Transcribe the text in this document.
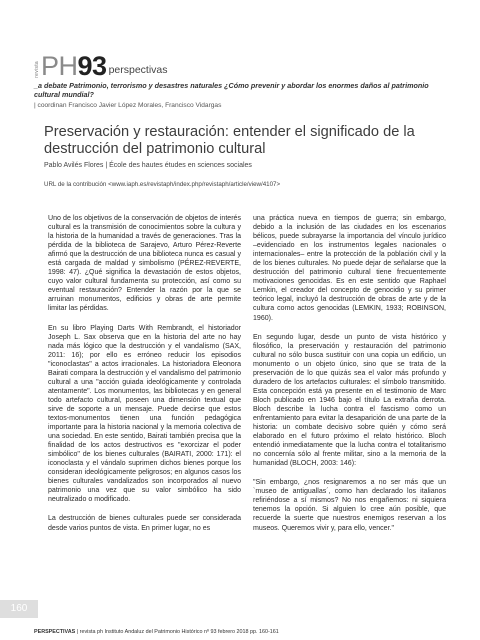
revista PH 93 perspectivas
_a debate Patrimonio, terrorismo y desastres naturales ¿Cómo prevenir y abordar los enormes daños al patrimonio cultural mundial?
| coordinan Francisco Javier López Morales, Francisco Vidargas
Preservación y restauración: entender el significado de la destrucción del patrimonio cultural
Pablo Avilés Flores | École des hautes études en sciences sociales
URL de la contribución <www.iaph.es/revistaph/index.php/revistaph/article/view/4107>

Uno de los objetivos de la conservación de objetos de interés cultural es la transmisión de conocimientos sobre la cultura y la historia de la humanidad a través de generaciones. Tras la pérdida de la biblioteca de Sarajevo, Arturo Pérez-Reverte afirmó que la destrucción de una biblioteca nunca es casual y está cargada de maldad y simbolismo (PÉREZ-REVERTE, 1998: 47). ¿Qué significa la devastación de estos objetos, cuyo valor cultural fundamenta su protección, así como su eventual restauración? Entender la razón por la que se arruinan monumentos, edificios y obras de arte permite limitar las pérdidas.

En su libro Playing Darts With Rembrandt, el historiador Joseph L. Sax observa que en la historia del arte no hay nada más lógico que la destrucción y el vandalismo (SAX, 2011: 16); por ello es erróneo reducir los episodios "iconoclastas" a actos irracionales. La historiadora Eleonora Bairati compara la destrucción y el vandalismo del patrimonio cultural a una "acción guiada ideológicamente y controlada atentamente". Los monumentos, las bibliotecas y en general todo artefacto cultural, poseen una dimensión textual que sirve de soporte a un mensaje. Puede decirse que estos textos-monumentos tienen una función pedagógica importante para la historia nacional y la memoria colectiva de una sociedad. En este sentido, Bairati también precisa que la finalidad de los actos destructivos es "exorcizar el poder simbólico" de los bienes culturales (BAIRATI, 2000: 171): el iconoclasta y el vándalo suprimen dichos bienes porque los consideran ideológicamente peligrosos; en algunos casos los bienes culturales vandalizados son incorporados al nuevo patrimonio una vez que su valor simbólico ha sido neutralizado o modificado.

La destrucción de bienes culturales puede ser considerada desde varios puntos de vista. En primer lugar, no es

una práctica nueva en tiempos de guerra; sin embargo, debido a la inclusión de las ciudades en los escenarios bélicos, puede subrayarse la importancia del vínculo jurídico –evidenciado en los instrumentos legales nacionales o internacionales– entre la protección de la población civil y la de los bienes culturales. No puede dejar de señalarse que la destrucción del patrimonio cultural tiene frecuentemente motivaciones genocidas. Es en este sentido que Raphael Lemkin, el creador del concepto de genocidio y su primer teórico legal, incluyó la destrucción de obras de arte y de la cultura como actos genocidas (LEMKIN, 1933; ROBINSON, 1960).

En segundo lugar, desde un punto de vista histórico y filosófico, la preservación y restauración del patrimonio cultural no sólo busca sustituir con una copia un edificio, un monumento o un objeto único, sino que se trata de la preservación de lo que quizás sea el valor más profundo y duradero de los artefactos culturales: el símbolo transmitido. Esta concepción está ya presente en el testimonio de Marc Bloch publicado en 1946 bajo el título La extraña derrota. Bloch describe la lucha contra el fascismo como un enfrentamiento para evitar la desaparición de una parte de la historia: un combate decisivo sobre quién y cómo será elaborado en el futuro próximo el relato histórico. Bloch entendió inmediatamente que la lucha contra el totalitarismo no concernía sólo al frente militar, sino a la memoria de la humanidad (BLOCH, 2003: 146):

"Sin embargo, ¿nos resignaremos a no ser más que un `museo de antiguallas´, como han declarado los italianos refiriéndose a sí mismos? No nos engañemos: ni siquiera tenemos la opción. Si alguien lo cree aún posible, que recuerde la suerte que nuestros enemigos reservan a los museos. Queremos vivir y, para ello, vencer."

160
PERSPECTIVAS | revista ph Instituto Andaluz del Patrimonio Histórico nº 93 febrero 2018 pp. 160-161
